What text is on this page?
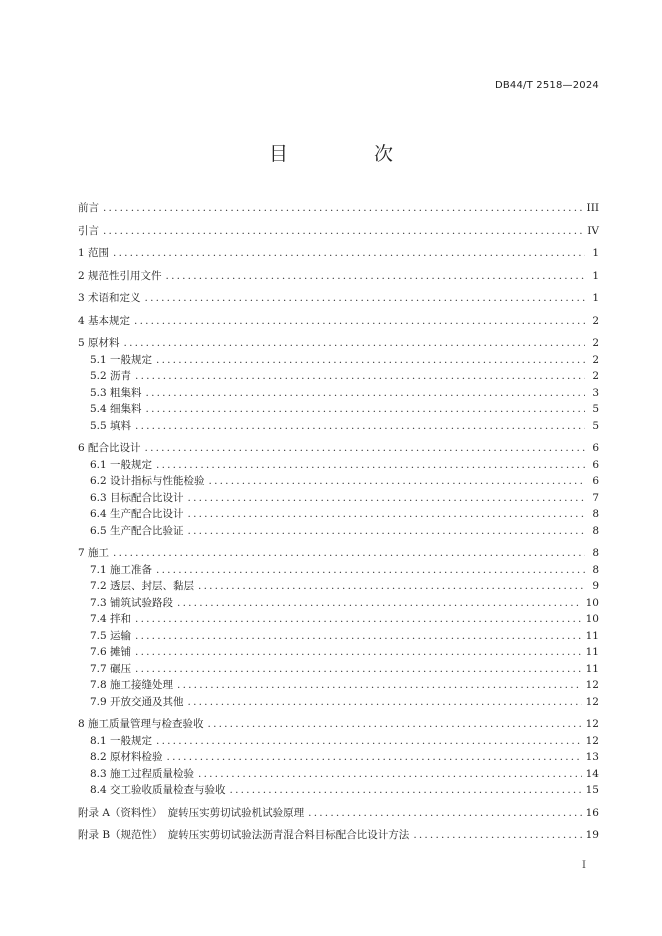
DB44/T 2518—2024
目 次
前言 .....	III
引言 .....	IV
1 范围 .....	1
2 规范性引用文件 .....	1
3 术语和定义 .....	1
4 基本规定 .....	2
5 原材料 .....	2
5.1 一般规定 .....	2
5.2 沥青 .....	2
5.3 粗集料 .....	3
5.4 细集料 .....	5
5.5 填料 .....	5
6 配合比设计 .....	6
6.1 一般规定 .....	6
6.2 设计指标与性能检验 .....	6
6.3 目标配合比设计 .....	7
6.4 生产配合比设计 .....	8
6.5 生产配合比验证 .....	8
7 施工 .....	8
7.1 施工准备 .....	8
7.2 透层、封层、黏层 .....	9
7.3 铺筑试验路段 .....	10
7.4 拌和 .....	10
7.5 运输 .....	11
7.6 摊铺 .....	11
7.7 碾压 .....	11
7.8 施工接缝处理 .....	12
7.9 开放交通及其他 .....	12
8 施工质量管理与检查验收 .....	12
8.1 一般规定 .....	12
8.2 原材料检验 .....	13
8.3 施工过程质量检验 .....	14
8.4 交工验收质量检查与验收 .....	15
附录 A（资料性）　旋转压实剪切试验机试验原理 .....	16
附录 B（规范性）　旋转压实剪切试验法沥青混合料目标配合比设计方法 .....	19
I
